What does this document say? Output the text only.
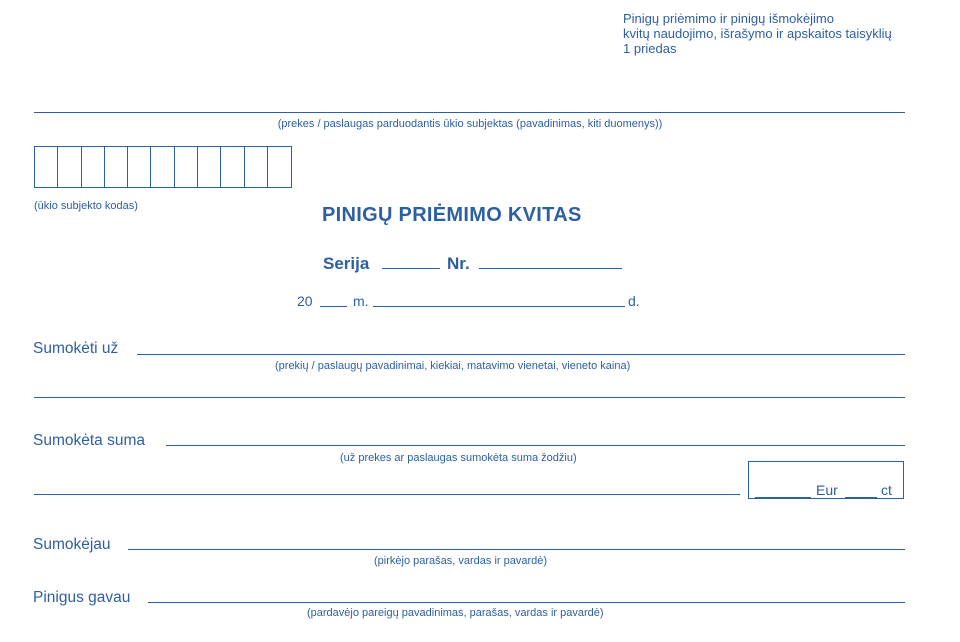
Pinigų priėmimo ir pinigų išmokėjimo
kvitų naudojimo, išrašymo ir apskaitos taisyklių
1 priedas
(prekes / paslaugas parduodantis ūkio subjektas (pavadinimas, kiti duomenys))
(ūkio subjekto kodas)	PINIGŲ PRIĖMIMO KVITAS
Serija	Nr.
20	m.	d.
Sumokėti už
(prekių / paslaugų pavadinimai, kiekiai, matavimo vienetai, vieneto kaina)
Sumokėta suma
(už prekes ar paslaugas sumokėta suma žodžiu)
Eur	ct
Sumokėjau
(pirkėjo parašas, vardas ir pavardė)
Pinigus gavau
(pardavėjo pareigų pavadinimas, parašas, vardas ir pavardė)
